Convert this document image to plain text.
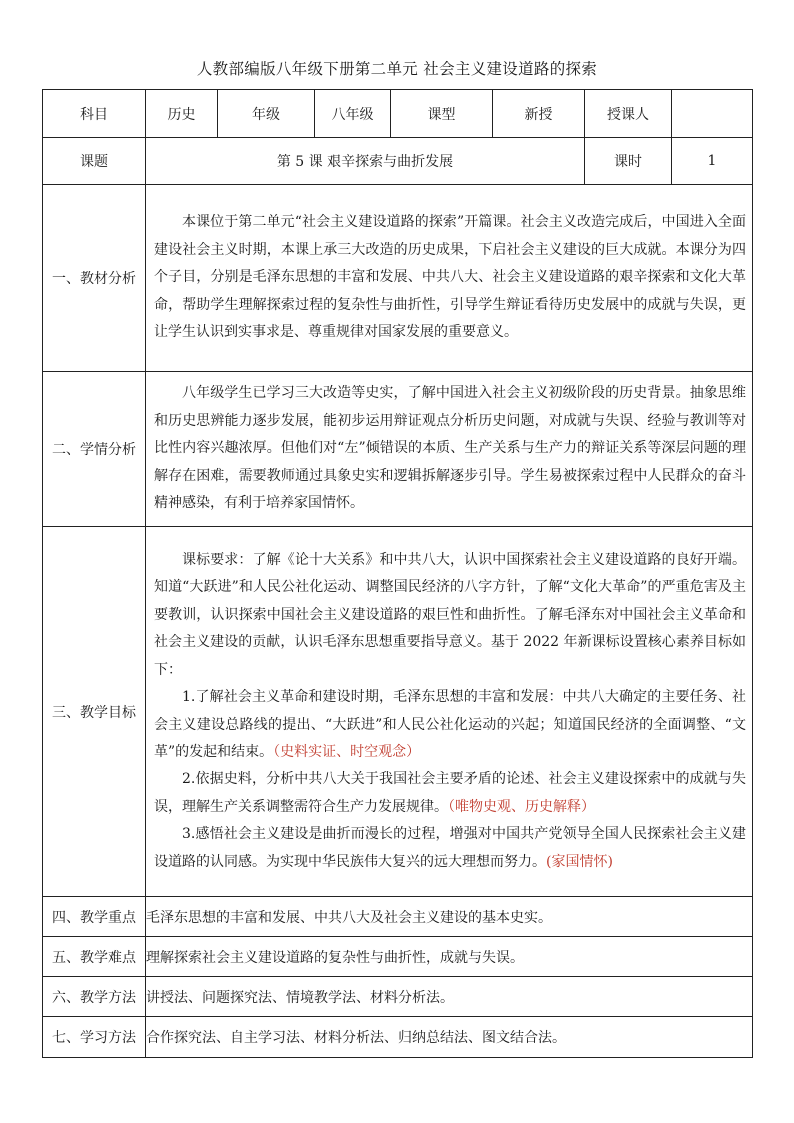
人教部编版八年级下册第二单元 社会主义建设道路的探索
科目	历史	年级	八年级	课型	新授	授课人	
课题	第 5 课 艰辛探索与曲折发展					课时	1
一、教材分析	本课位于第二单元“社会主义建设道路的探索”开篇课。社会主义改造完成后，中国进入全面建设社会主义时期，本课上承三大改造的历史成果，下启社会主义建设的巨大成就。本课分为四个子目，分别是毛泽东思想的丰富和发展、中共八大、社会主义建设道路的艰辛探索和文化大革命，帮助学生理解探索过程的复杂性与曲折性，引导学生辩证看待历史发展中的成就与失误，更让学生认识到实事求是、尊重规律对国家发展的重要意义。						

二、学情分析	八年级学生已学习三大改造等史实，了解中国进入社会主义初级阶段的历史背景。抽象思维和历史思辨能力逐步发展，能初步运用辩证观点分析历史问题，对成就与失误、经验与教训等对比性内容兴趣浓厚。但他们对“左”倾错误的本质、生产关系与生产力的辩证关系等深层问题的理解存在困难，需要教师通过具象史实和逻辑拆解逐步引导。学生易被探索过程中人民群众的奋斗精神感染，有利于培养家国情怀。						

三、教学目标	课标要求：了解《论十大关系》和中共八大，认识中国探索社会主义建设道路的良好开端。知道“大跃进”和人民公社化运动、调整国民经济的八字方针，了解“文化大革命”的严重危害及主要教训，认识探索中国社会主义建设道路的艰巨性和曲折性。了解毛泽东对中国社会主义革命和社会主义建设的贡献，认识毛泽东思想重要指导意义。基于 2022 年新课标设置核心素养目标如下：

1.了解社会主义革命和建设时期，毛泽东思想的丰富和发展：中共八大确定的主要任务、社会主义建设总路线的提出、“大跃进”和人民公社化运动的兴起；知道国民经济的全面调整、“文革”的发起和结束。（史料实证、时空观念）

2.依据史料，分析中共八大关于我国社会主要矛盾的论述、社会主义建设探索中的成就与失误，理解生产关系调整需符合生产力发展规律。（唯物史观、历史解释）

3.感悟社会主义建设是曲折而漫长的过程，增强对中国共产党领导全国人民探索社会主义建设道路的认同感。为实现中华民族伟大复兴的远大理想而努力。(家国情怀)						

四、教学重点	毛泽东思想的丰富和发展、中共八大及社会主义建设的基本史实。						
五、教学难点	理解探索社会主义建设道路的复杂性与曲折性，成就与失误。						
六、教学方法	讲授法、问题探究法、情境教学法、材料分析法。						
七、学习方法	合作探究法、自主学习法、材料分析法、归纳总结法、图文结合法。						
